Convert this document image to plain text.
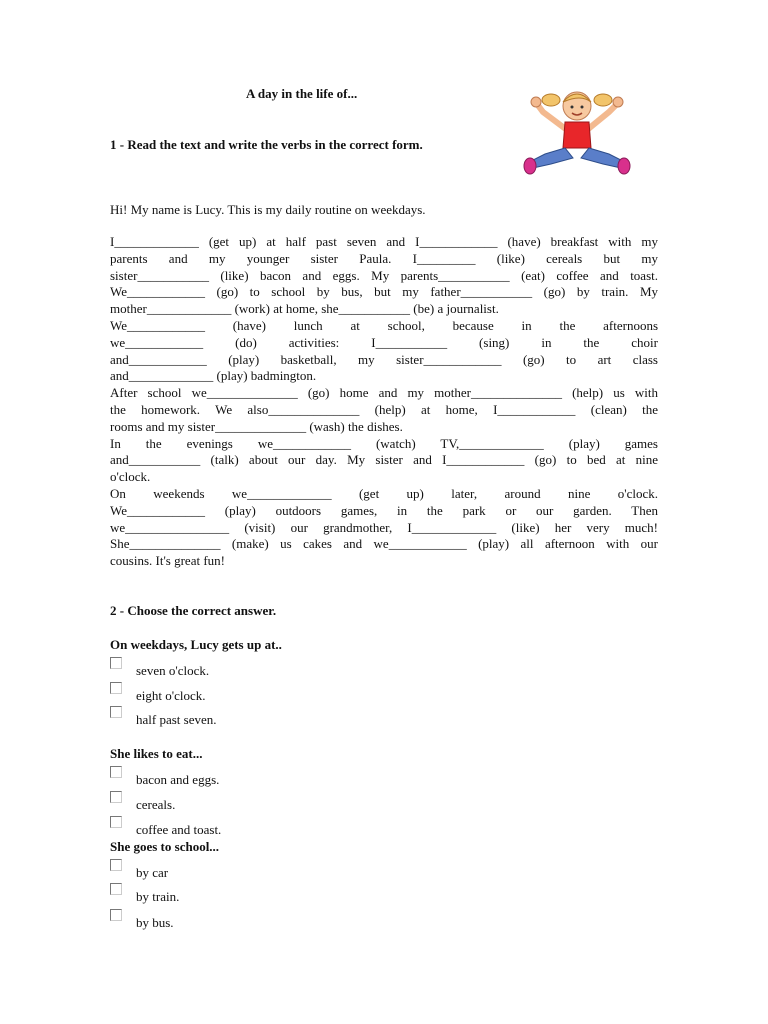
A day in the life of...
1 - Read the text and write the verbs in the correct form.
Hi! My name is Lucy. This is my daily routine on weekdays.
I_____________ (get up) at half past seven and I____________ (have) breakfast with my
parents and my younger sister Paula. I_________ (like) cereals but my
sister___________ (like) bacon and eggs. My parents___________ (eat) coffee and toast.
We____________ (go) to school by bus, but my father___________ (go) by train. My
mother_____________ (work) at home, she___________ (be) a journalist.
We____________ (have) lunch at school, because in the afternoons
we____________ (do) activities: I___________ (sing) in the choir
and____________ (play) basketball, my sister____________ (go) to art class
and_____________ (play) badmington.
After school we______________ (go) home and my mother______________ (help) us with
the homework. We also______________ (help) at home, I____________ (clean) the
rooms and my sister______________ (wash) the dishes.
In the evenings we____________ (watch) TV,_____________ (play) games
and___________ (talk) about our day. My sister and I____________ (go) to bed at nine
o'clock.
On weekends we_____________ (get up) later, around nine o'clock.
We____________ (play) outdoors games, in the park or our garden. Then
we________________ (visit) our grandmother, I_____________ (like) her very much!
She______________ (make) us cakes and we____________ (play) all afternoon with our
cousins. It's great fun!
2 - Choose the correct answer.
On weekdays, Lucy gets up at..
seven o'clock.
eight o'clock.
half past seven.
She likes to eat...
bacon and eggs.
cereals.
coffee and toast.
She goes to school...
by car
by train.
by bus.
